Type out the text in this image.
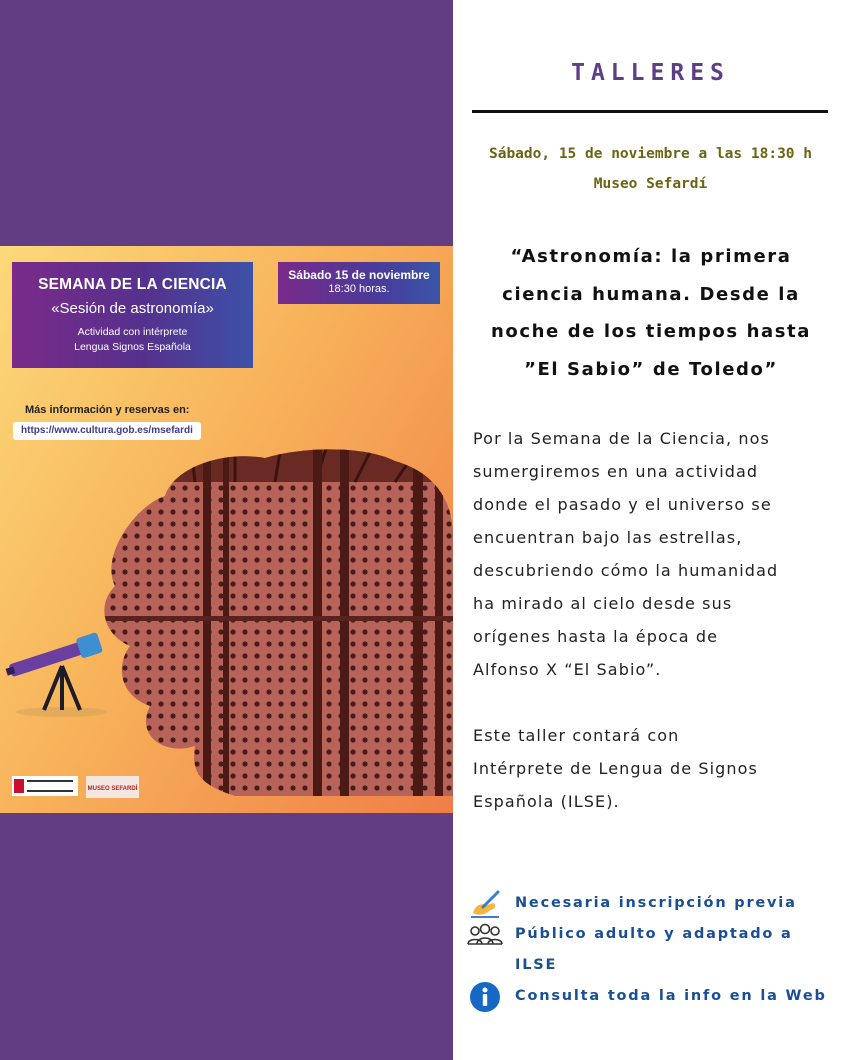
SEMANA DE LA CIENCIA
«Sesión de astronomía»
Actividad con intérprete
Lengua Signos Española
Sábado 15 de noviembre
18:30 horas.
Más información y reservas en:
https://www.cultura.gob.es/msefardi
MUSEO SEFARDÍ
TALLERES
Sábado, 15 de noviembre a las 18:30 h
Museo Sefardí
“Astronomía: la primera
ciencia humana. Desde la
noche de los tiempos hasta
”El Sabio” de Toledo”
Por la Semana de la Ciencia, nos
sumergiremos en una actividad
donde el pasado y el universo se
encuentran bajo las estrellas,
descubriendo cómo la humanidad
ha mirado al cielo desde sus
orígenes hasta la época de
Alfonso X “El Sabio”.
Este taller contará con
Intérprete de Lengua de Signos
Española (ILSE).
Necesaria inscripción previa
Público adulto y adaptado a
ILSE
Consulta toda la info en la Web
